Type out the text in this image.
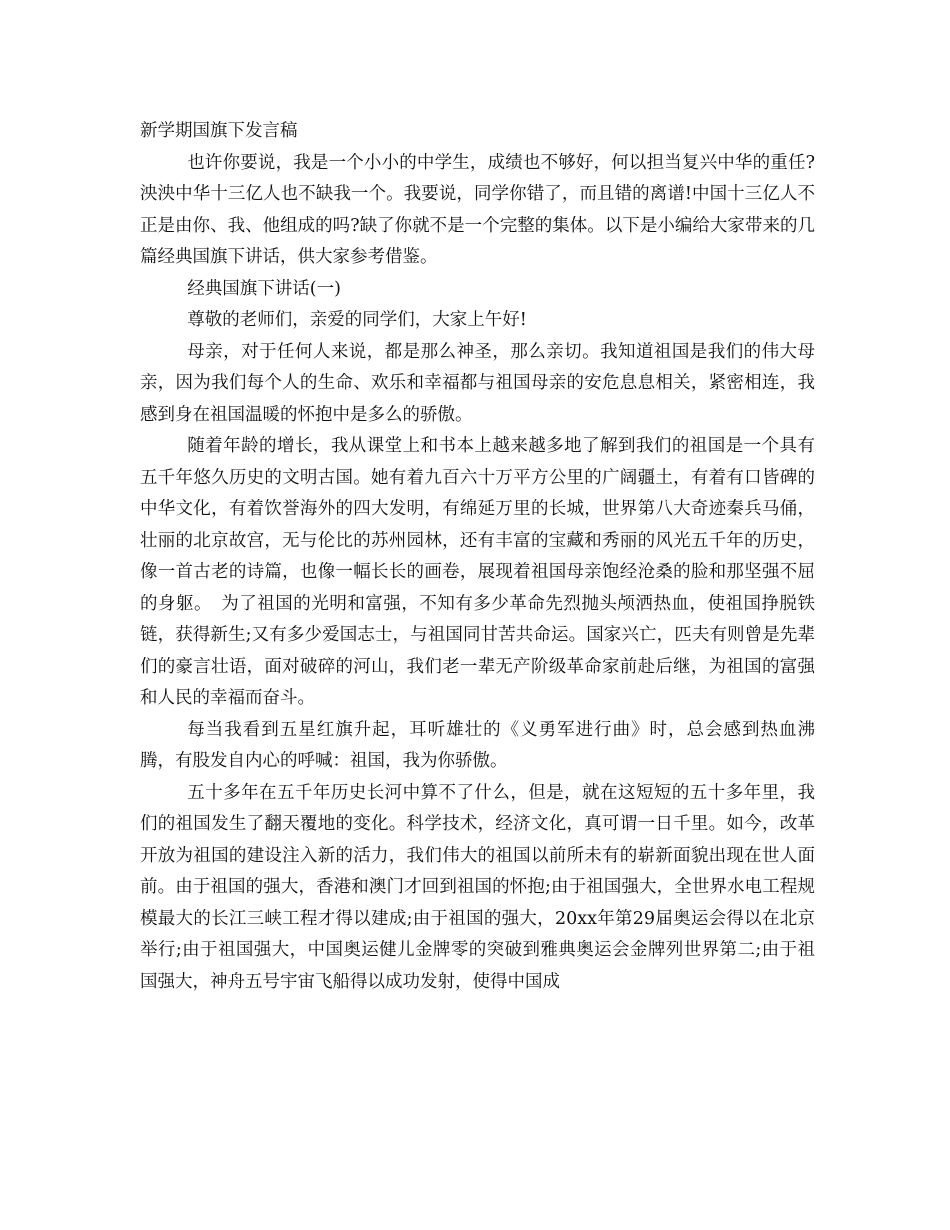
新学期国旗下发言稿

也许你要说，我是一个小小的中学生，成绩也不够好，何以担当复兴中华的重任?泱泱中华十三亿人也不缺我一个。我要说，同学你错了，而且错的离谱!中国十三亿人不正是由你、我、他组成的吗?缺了你就不是一个完整的集体。以下是小编给大家带来的几篇经典国旗下讲话，供大家参考借鉴。

经典国旗下讲话(一)

尊敬的老师们，亲爱的同学们，大家上午好!

母亲，对于任何人来说，都是那么神圣，那么亲切。我知道祖国是我们的伟大母亲，因为我们每个人的生命、欢乐和幸福都与祖国母亲的安危息息相关，紧密相连，我感到身在祖国温暖的怀抱中是多么的骄傲。

随着年龄的增长，我从课堂上和书本上越来越多地了解到我们的祖国是一个具有五千年悠久历史的文明古国。她有着九百六十万平方公里的广阔疆土，有着有口皆碑的中华文化，有着饮誉海外的四大发明，有绵延万里的长城，世界第八大奇迹秦兵马俑，壮丽的北京故宫，无与伦比的苏州园林，还有丰富的宝藏和秀丽的风光五千年的历史，像一首古老的诗篇，也像一幅长长的画卷，展现着祖国母亲饱经沧桑的脸和那坚强不屈的身躯。　为了祖国的光明和富强，不知有多少革命先烈抛头颅洒热血，使祖国挣脱铁链，获得新生;又有多少爱国志士，与祖国同甘苦共命运。国家兴亡，匹夫有则曾是先辈们的豪言壮语，面对破碎的河山，我们老一辈无产阶级革命家前赴后继，为祖国的富强和人民的幸福而奋斗。

每当我看到五星红旗升起，耳听雄壮的《义勇军进行曲》时，总会感到热血沸腾，有股发自内心的呼喊：祖国，我为你骄傲。

五十多年在五千年历史长河中算不了什么，但是，就在这短短的五十多年里，我们的祖国发生了翻天覆地的变化。科学技术，经济文化，真可谓一日千里。如今，改革开放为祖国的建设注入新的活力，我们伟大的祖国以前所未有的崭新面貌出现在世人面前。由于祖国的强大，香港和澳门才回到祖国的怀抱;由于祖国强大，全世界水电工程规模最大的长江三峡工程才得以建成;由于祖国的强大，20xx年第29届奥运会得以在北京举行;由于祖国强大，中国奥运健儿金牌零的突破到雅典奥运会金牌列世界第二;由于祖国强大，神舟五号宇宙飞船得以成功发射，使得中国成
